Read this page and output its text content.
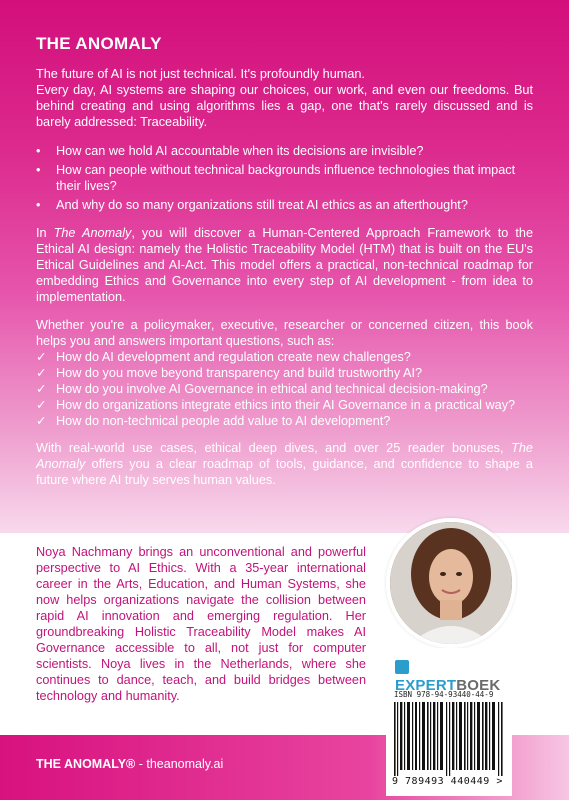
THE ANOMALY® - theanomaly.ai
THE ANOMALY

The future of AI is not just technical. It's profoundly human.

Every day, AI systems are shaping our choices, our work, and even our freedoms. But behind creating and using algorithms lies a gap, one that's rarely discussed and is barely addressed: Traceability.

• How can we hold AI accountable when its decisions are invisible?
• How can people without technical backgrounds influence technologies that impact their lives?
• And why do so many organizations still treat AI ethics as an afterthought?

In The Anomaly, you will discover a Human-Centered Approach Framework to the Ethical AI design: namely the Holistic Traceability Model (HTM) that is built on the EU's Ethical Guidelines and AI-Act. This model offers a practical, non-technical roadmap for embedding Ethics and Governance into every step of AI development - from idea to implementation.

Whether you're a policymaker, executive, researcher or concerned citizen, this book helps you and answers important questions, such as:

✓ How do AI development and regulation create new challenges?
✓ How do you move beyond transparency and build trustworthy AI?
✓ How do you involve AI Governance in ethical and technical decision-making?
✓ How do organizations integrate ethics into their AI Governance in a practical way?
✓ How do non-technical people add value to AI development?

With real-world use cases, ethical deep dives, and over 25 reader bonuses, The Anomaly offers you a clear roadmap of tools, guidance, and confidence to shape a future where AI truly serves human values.

Noya Nachmany brings an unconventional and powerful perspective to AI Ethics. With a 35-year international career in the Arts, Education, and Human Systems, she now helps organizations navigate the collision between rapid AI innovation and emerging regulation. Her groundbreaking Holistic Traceability Model makes AI Governance accessible to all, not just for computer scientists. Noya lives in the Netherlands, where she continues to dance, teach, and build bridges between technology and humanity.

EXPERTBOEK
ISBN 978-94-93440-44-9
9 789493 440449 >
